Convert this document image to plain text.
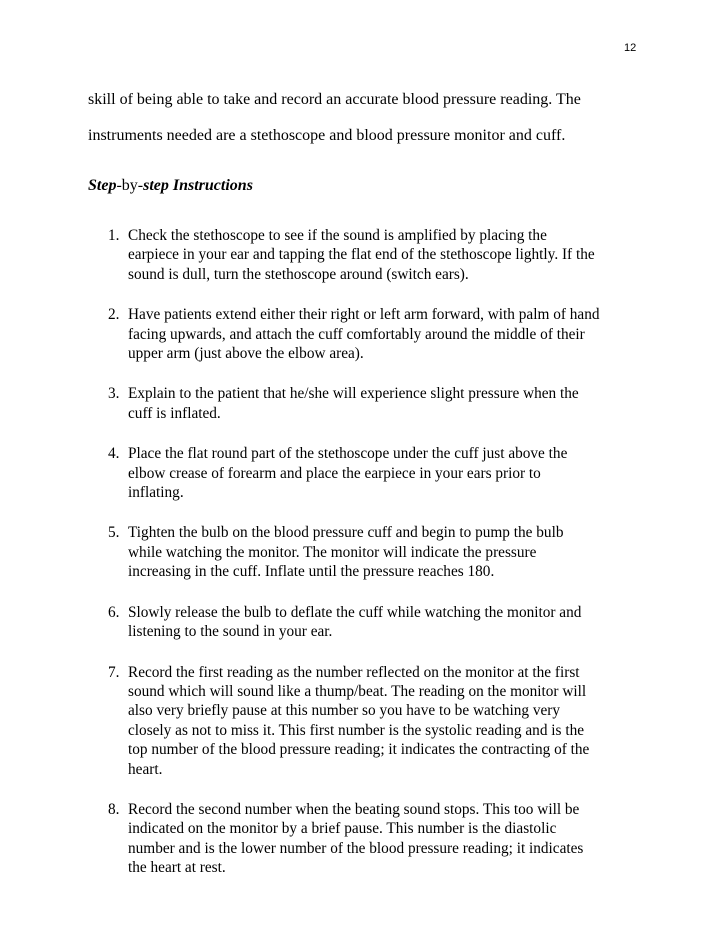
12
skill of being able to take and record an accurate blood pressure reading. The
instruments needed are a stethoscope and blood pressure monitor and cuff.
Step-by-step Instructions
1. Check the stethoscope to see if the sound is amplified by placing the
earpiece in your ear and tapping the flat end of the stethoscope lightly. If the
sound is dull, turn the stethoscope around (switch ears).
2. Have patients extend either their right or left arm forward, with palm of hand
facing upwards, and attach the cuff comfortably around the middle of their
upper arm (just above the elbow area).
3. Explain to the patient that he/she will experience slight pressure when the
cuff is inflated.
4. Place the flat round part of the stethoscope under the cuff just above the
elbow crease of forearm and place the earpiece in your ears prior to
inflating.
5. Tighten the bulb on the blood pressure cuff and begin to pump the bulb
while watching the monitor. The monitor will indicate the pressure
increasing in the cuff. Inflate until the pressure reaches 180.
6. Slowly release the bulb to deflate the cuff while watching the monitor and
listening to the sound in your ear.
7. Record the first reading as the number reflected on the monitor at the first
sound which will sound like a thump/beat. The reading on the monitor will
also very briefly pause at this number so you have to be watching very
closely as not to miss it. This first number is the systolic reading and is the
top number of the blood pressure reading; it indicates the contracting of the
heart.
8. Record the second number when the beating sound stops. This too will be
indicated on the monitor by a brief pause. This number is the diastolic
number and is the lower number of the blood pressure reading; it indicates
the heart at rest.
